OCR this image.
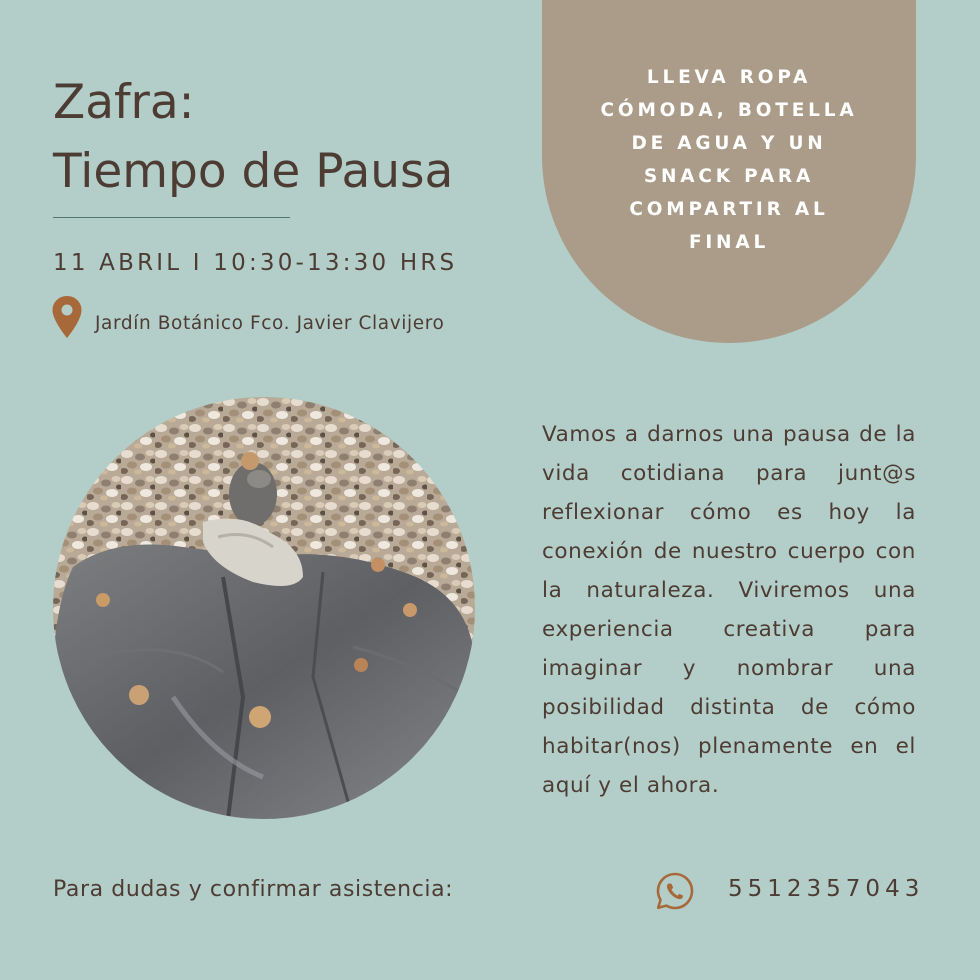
Zafra:
Tiempo de Pausa
11 ABRIL I 10:30-13:30 HRS
Jardín Botánico Fco. Javier Clavijero
LLEVA ROPA
CÓMODA, BOTELLA
DE AGUA Y UN
SNACK PARA
COMPARTIR AL
FINAL

Vamos a darnos una pausa de la vida cotidiana para junt@s reflexionar cómo es hoy la conexión de nuestro cuerpo con la naturaleza. Viviremos una experiencia creativa para imaginar y nombrar una posibilidad distinta de cómo habitar(nos) plenamente en el aquí y el ahora.

Para dudas y confirmar asistencia:	5512357043
